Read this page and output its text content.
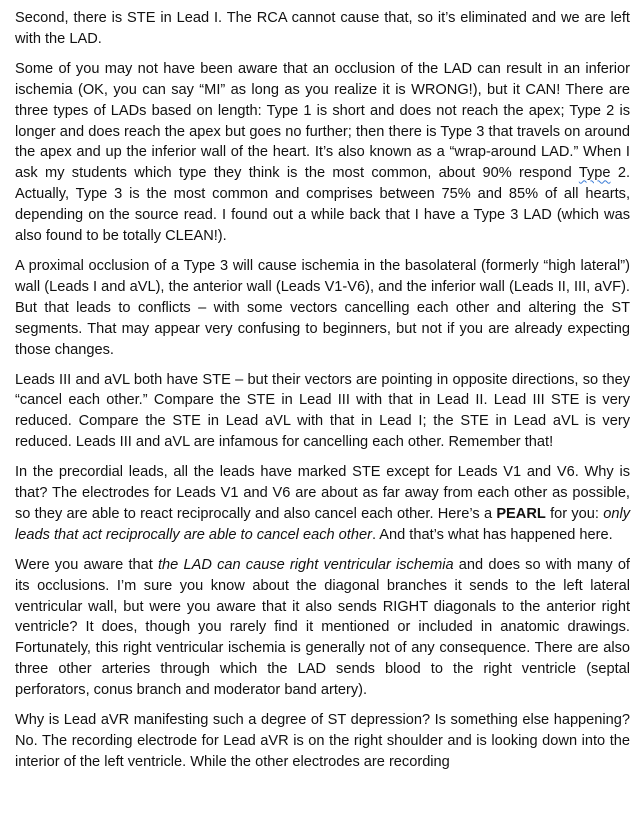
Second, there is STE in Lead I. The RCA cannot cause that, so it’s eliminated and we are left with the LAD.

Some of you may not have been aware that an occlusion of the LAD can result in an inferior ischemia (OK, you can say “MI” as long as you realize it is WRONG!), but it CAN! There are three types of LADs based on length: Type 1 is short and does not reach the apex; Type 2 is longer and does reach the apex but goes no further; then there is Type 3 that travels on around the apex and up the inferior wall of the heart. It’s also known as a “wrap-around LAD.” When I ask my students which type they think is the most common, about 90% respond Type 2. Actually, Type 3 is the most common and comprises between 75% and 85% of all hearts, depending on the source read. I found out a while back that I have a Type 3 LAD (which was also found to be totally CLEAN!).

A proximal occlusion of a Type 3 will cause ischemia in the basolateral (formerly “high lateral”) wall (Leads I and aVL), the anterior wall (Leads V1-V6), and the inferior wall (Leads II, III, aVF). But that leads to conflicts – with some vectors cancelling each other and altering the ST segments. That may appear very confusing to beginners, but not if you are already expecting those changes.

Leads III and aVL both have STE – but their vectors are pointing in opposite directions, so they “cancel each other.” Compare the STE in Lead III with that in Lead II. Lead III STE is very reduced. Compare the STE in Lead aVL with that in Lead I; the STE in Lead aVL is very reduced. Leads III and aVL are infamous for cancelling each other. Remember that!

In the precordial leads, all the leads have marked STE except for Leads V1 and V6. Why is that? The electrodes for Leads V1 and V6 are about as far away from each other as possible, so they are able to react reciprocally and also cancel each other. Here’s a PEARL for you: only leads that act reciprocally are able to cancel each other. And that’s what has happened here.

Were you aware that the LAD can cause right ventricular ischemia and does so with many of its occlusions. I’m sure you know about the diagonal branches it sends to the left lateral ventricular wall, but were you aware that it also sends RIGHT diagonals to the anterior right ventricle? It does, though you rarely find it mentioned or included in anatomic drawings. Fortunately, this right ventricular ischemia is generally not of any consequence. There are also three other arteries through which the LAD sends blood to the right ventricle (septal perforators, conus branch and moderator band artery).

Why is Lead aVR manifesting such a degree of ST depression? Is something else happening? No. The recording electrode for Lead aVR is on the right shoulder and is looking down into the interior of the left ventricle. While the other electrodes are recording
